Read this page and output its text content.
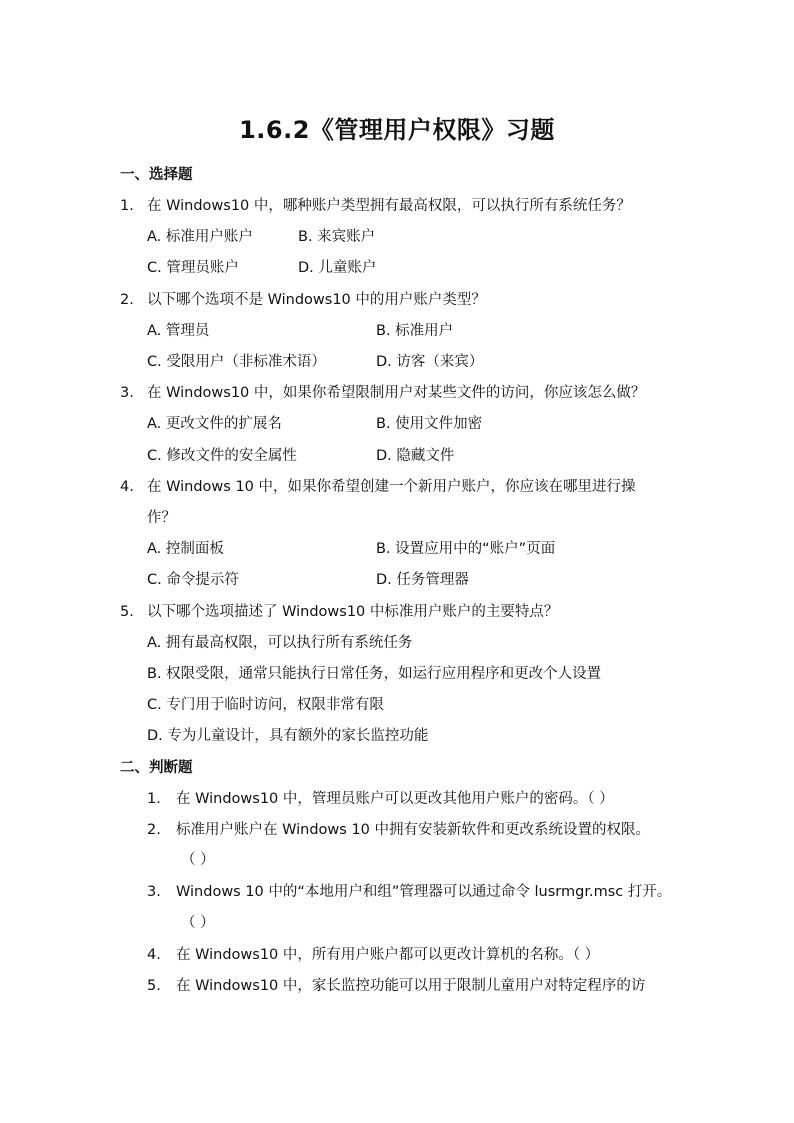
1.6.2《管理用户权限》习题
一、选择题
1. 在 Windows10 中，哪种账户类型拥有最高权限，可以执行所有系统任务？
A. 标准用户账户	B. 来宾账户
C. 管理员账户	D. 儿童账户
2. 以下哪个选项不是 Windows10 中的用户账户类型？
A. 管理员	B. 标准用户
C. 受限用户（非标准术语）	D. 访客（来宾）
3. 在 Windows10 中，如果你希望限制用户对某些文件的访问，你应该怎么做？
A. 更改文件的扩展名	B. 使用文件加密
C. 修改文件的安全属性	D. 隐藏文件
4. 在 Windows 10 中，如果你希望创建一个新用户账户，你应该在哪里进行操
作？
A. 控制面板	B. 设置应用中的“账户”页面
C. 命令提示符	D. 任务管理器
5. 以下哪个选项描述了 Windows10 中标准用户账户的主要特点？
A. 拥有最高权限，可以执行所有系统任务
B. 权限受限，通常只能执行日常任务，如运行应用程序和更改个人设置
C. 专门用于临时访问，权限非常有限
D. 专为儿童设计，具有额外的家长监控功能
二、判断题
1. 在 Windows10 中，管理员账户可以更改其他用户账户的密码。（ ）
2. 标准用户账户在 Windows 10 中拥有安装新软件和更改系统设置的权限。
（ ）
3. Windows 10 中的“本地用户和组”管理器可以通过命令 lusrmgr.msc 打开。
（ ）
4. 在 Windows10 中，所有用户账户都可以更改计算机的名称。（ ）
5. 在 Windows10 中，家长监控功能可以用于限制儿童用户对特定程序的访
